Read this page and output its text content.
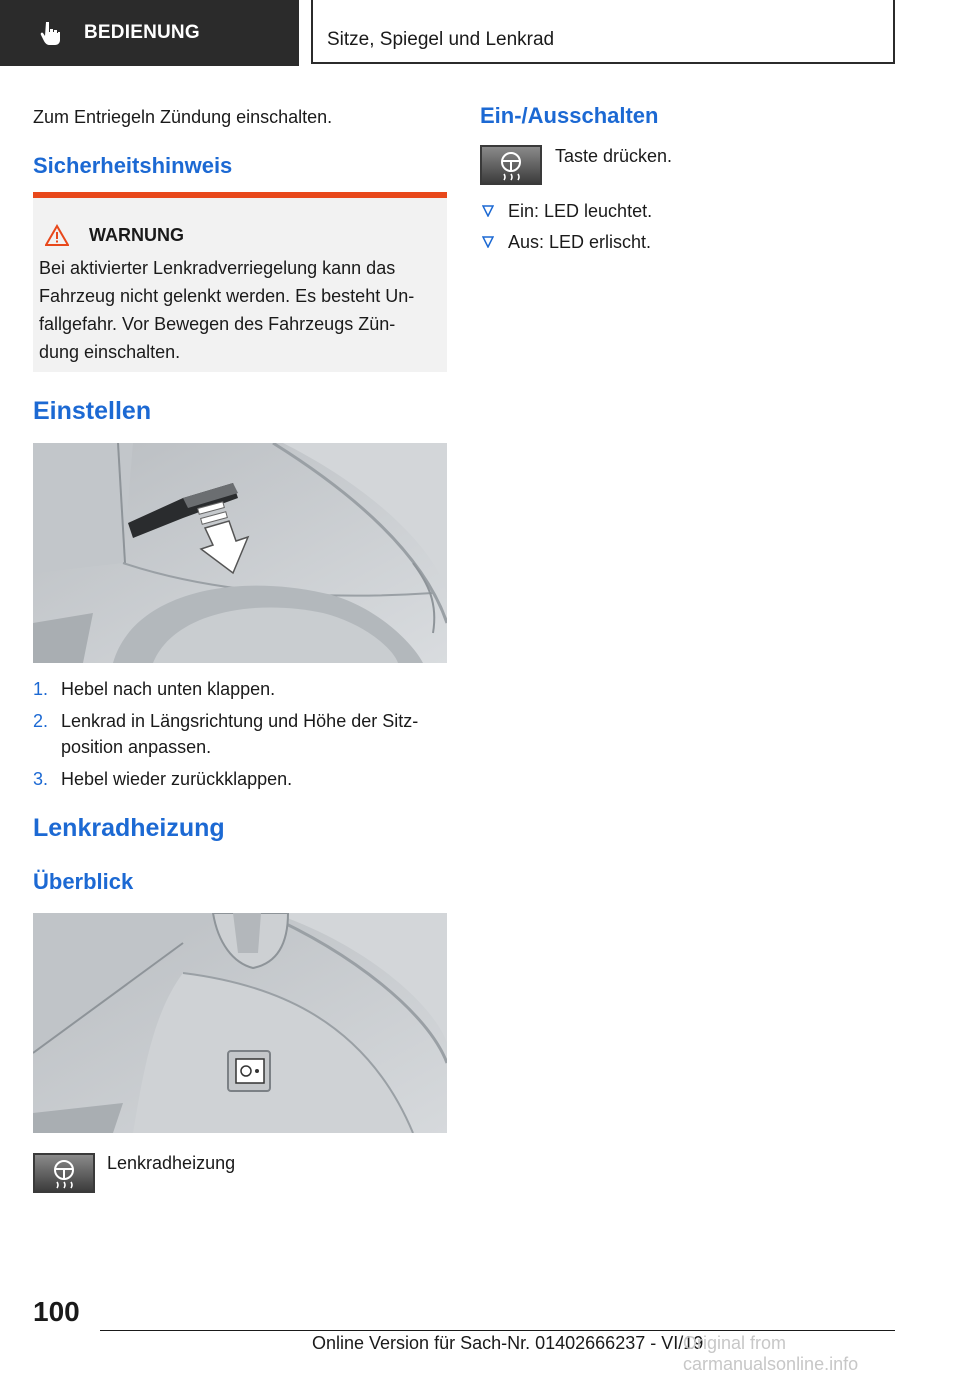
BEDIENUNG	Sitze, Spiegel und Lenkrad
Zum Entriegeln Zündung einschalten.
Sicherheitshinweis
WARNUNG
Bei aktivierter Lenkradverriegelung kann das
Fahrzeug nicht gelenkt werden. Es besteht Un‐
fallgefahr. Vor Bewegen des Fahrzeugs Zün‐
dung einschalten.
Einstellen
1. Hebel nach unten klappen.
2. Lenkrad in Längsrichtung und Höhe der Sitz‐
position anpassen.
3. Hebel wieder zurückklappen.
Lenkradheizung
Überblick
Lenkradheizung
Ein-/Ausschalten
Taste drücken.
Ein: LED leuchtet.
Aus: LED erlischt.
100
Online Version für Sach-Nr. 01402666237 - VI/19
Original from carmanualsonline.info
